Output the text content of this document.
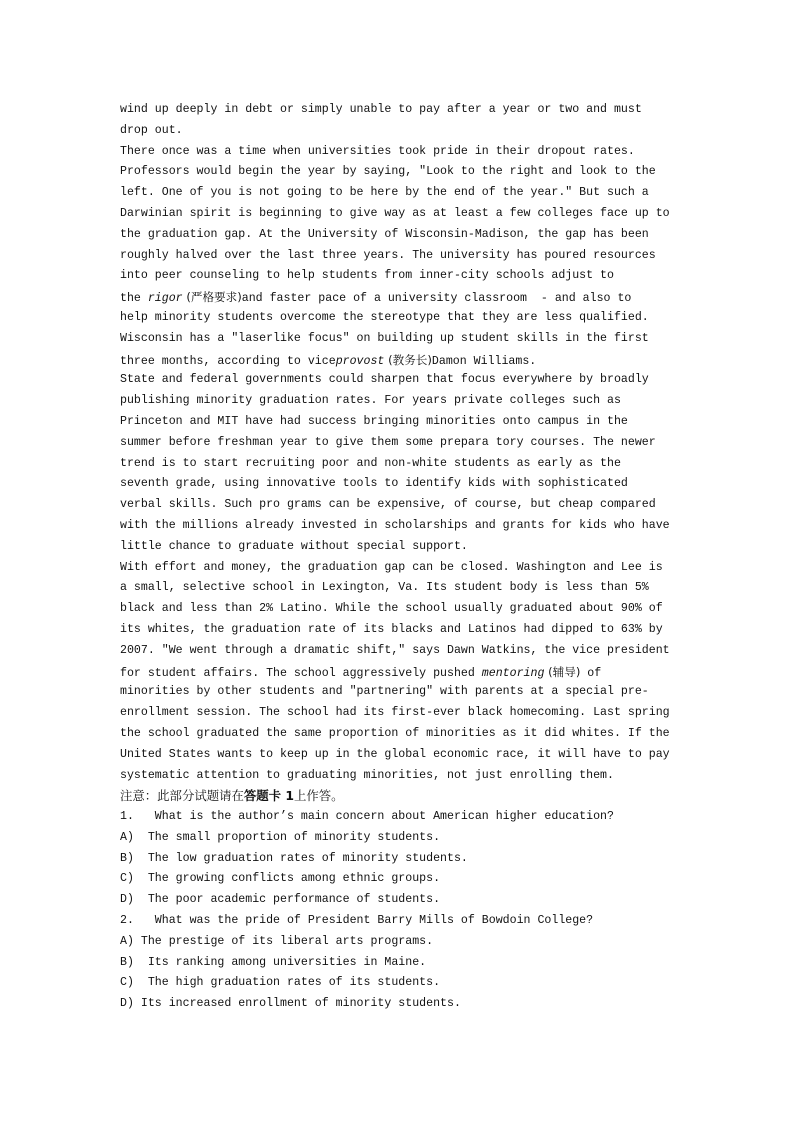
wind up deeply in debt or simply unable to pay after a year or two and must
drop out.
There once was a time when universities took pride in their dropout rates.
Professors would begin the year by saying, "Look to the right and look to the
left. One of you is not going to be here by the end of the year." But such a
Darwinian spirit is beginning to give way as at least a few colleges face up to
the graduation gap. At the University of Wisconsin-Madison, the gap has been
roughly halved over the last three years. The university has poured resources
into peer counseling to help students from inner-city schools adjust to
the rigor (严格要求)and faster pace of a university classroom  - and also to
help minority students overcome the stereotype that they are less qualified.
Wisconsin has a "laserlike focus" on building up student skills in the first
three months, according to viceprovost (教务长)Damon Williams.
State and federal governments could sharpen that focus everywhere by broadly
publishing minority graduation rates. For years private colleges such as
Princeton and MIT have had success bringing minorities onto campus in the
summer before freshman year to give them some prepara tory courses. The newer
trend is to start recruiting poor and non-white students as early as the
seventh grade, using innovative tools to identify kids with sophisticated
verbal skills. Such pro grams can be expensive, of course, but cheap compared
with the millions already invested in scholarships and grants for kids who have
little chance to graduate without special support.
With effort and money, the graduation gap can be closed. Washington and Lee is
a small, selective school in Lexington, Va. Its student body is less than 5%
black and less than 2% Latino. While the school usually graduated about 90% of
its whites, the graduation rate of its blacks and Latinos had dipped to 63% by
2007. "We went through a dramatic shift," says Dawn Watkins, the vice president
for student affairs. The school aggressively pushed mentoring (辅导) of
minorities by other students and "partnering" with parents at a special pre-
enrollment session. The school had its first-ever black homecoming. Last spring
the school graduated the same proportion of minorities as it did whites. If the
United States wants to keep up in the global economic race, it will have to pay
systematic attention to graduating minorities, not just enrolling them.
注意：此部分试题请在答题卡 1上作答。
1.   What is the author’s main concern about American higher education?
A)  The small proportion of minority students.
B)  The low graduation rates of minority students.
C)  The growing conflicts among ethnic groups.
D)  The poor academic performance of students.
2.   What was the pride of President Barry Mills of Bowdoin College?
A) The prestige of its liberal arts programs.
B)  Its ranking among universities in Maine.
C)  The high graduation rates of its students.
D) Its increased enrollment of minority students.
